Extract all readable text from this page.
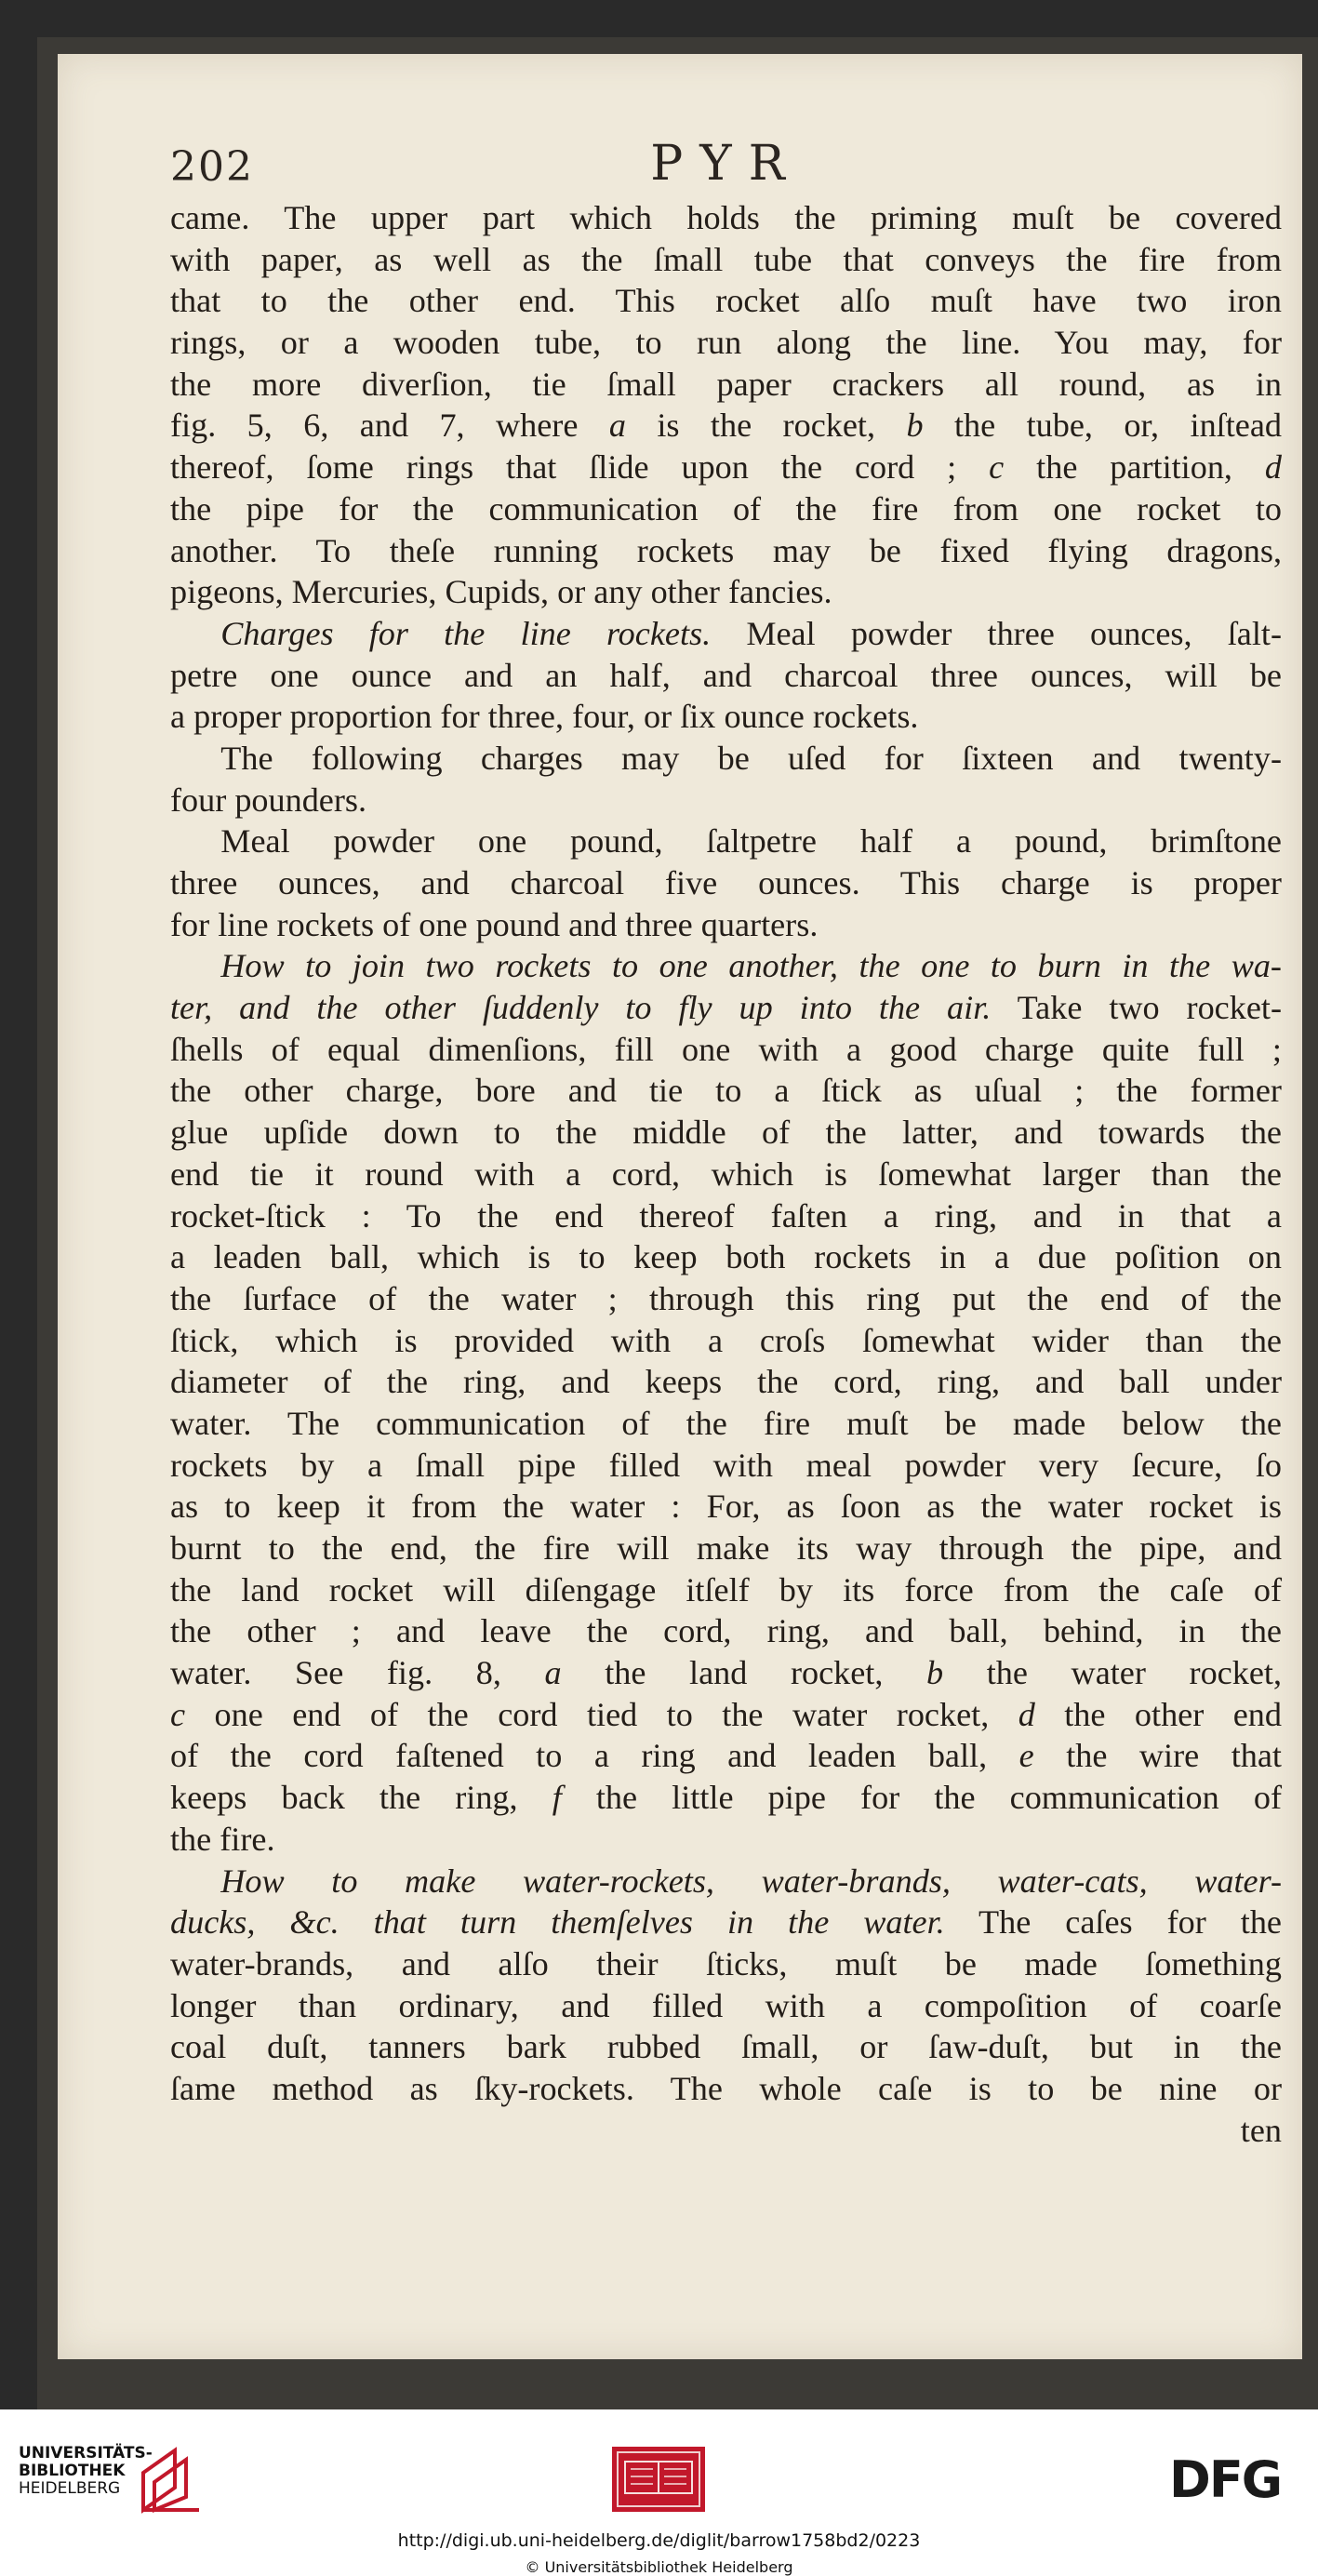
202	PYR

came. The upper part which holds the priming muſt be covered

with paper, as well as the ſmall tube that conveys the fire from

that to the other end. This rocket alſo muſt have two iron

rings, or a wooden tube, to run along the line. You may, for

the more diverſion, tie ſmall paper crackers all round, as in

fig. 5, 6, and 7, where a is the rocket, b the tube, or, inſtead

thereof, ſome rings that ſlide upon the cord ; c the partition, d

the pipe for the communication of the fire from one rocket to

another. To theſe running rockets may be fixed flying dragons,

pigeons, Mercuries, Cupids, or any other fancies.

  Charges for the line rockets. Meal powder three ounces, ſalt-

petre one ounce and an half, and charcoal three ounces, will be

a proper proportion for three, four, or ſix ounce rockets.

  The following charges may be uſed for ſixteen and twenty-

four pounders.

  Meal powder one pound, ſaltpetre half a pound, brimſtone

three ounces, and charcoal five ounces. This charge is proper

for line rockets of one pound and three quarters.

  How to join two rockets to one another, the one to burn in the wa-

ter, and the other ſuddenly to fly up into the air. Take two rocket-

ſhells of equal dimenſions, fill one with a good charge quite full ;

the other charge, bore and tie to a ſtick as uſual ; the former

glue upſide down to the middle of the latter, and towards the

end tie it round with a cord, which is ſomewhat larger than the

rocket-ſtick : To the end thereof faſten a ring, and in that a

a leaden ball, which is to keep both rockets in a due poſition on

the ſurface of the water ; through this ring put the end of the

ſtick, which is provided with a croſs ſomewhat wider than the

diameter of the ring, and keeps the cord, ring, and ball under

water. The communication of the fire muſt be made below the

rockets by a ſmall pipe filled with meal powder very ſecure, ſo

as to keep it from the water : For, as ſoon as the water rocket is

burnt to the end, the fire will make its way through the pipe, and

the land rocket will diſengage itſelf by its force from the caſe of

the other ; and leave the cord, ring, and ball, behind, in the

water. See fig. 8, a the land rocket, b the water rocket,

c one end of the cord tied to the water rocket, d the other end

of the cord faſtened to a ring and leaden ball, e the wire that

keeps back the ring, f the little pipe for the communication of

the fire.

  How to make water-rockets, water-brands, water-cats, water-

ducks, &c. that turn themſelves in the water. The caſes for the

water-brands, and alſo their ſticks, muſt be made ſomething

longer than ordinary, and filled with a compoſition of coarſe

coal duſt, tanners bark rubbed ſmall, or ſaw-duſt, but in the

ſame method as ſky-rockets. The whole caſe is to be nine or

ten

UNIVERSITÄTS-
BIBLIOTHEK
HEIDELBERG	DFG
http://digi.ub.uni-heidelberg.de/diglit/barrow1758bd2/0223
© Universitätsbibliothek Heidelberg
